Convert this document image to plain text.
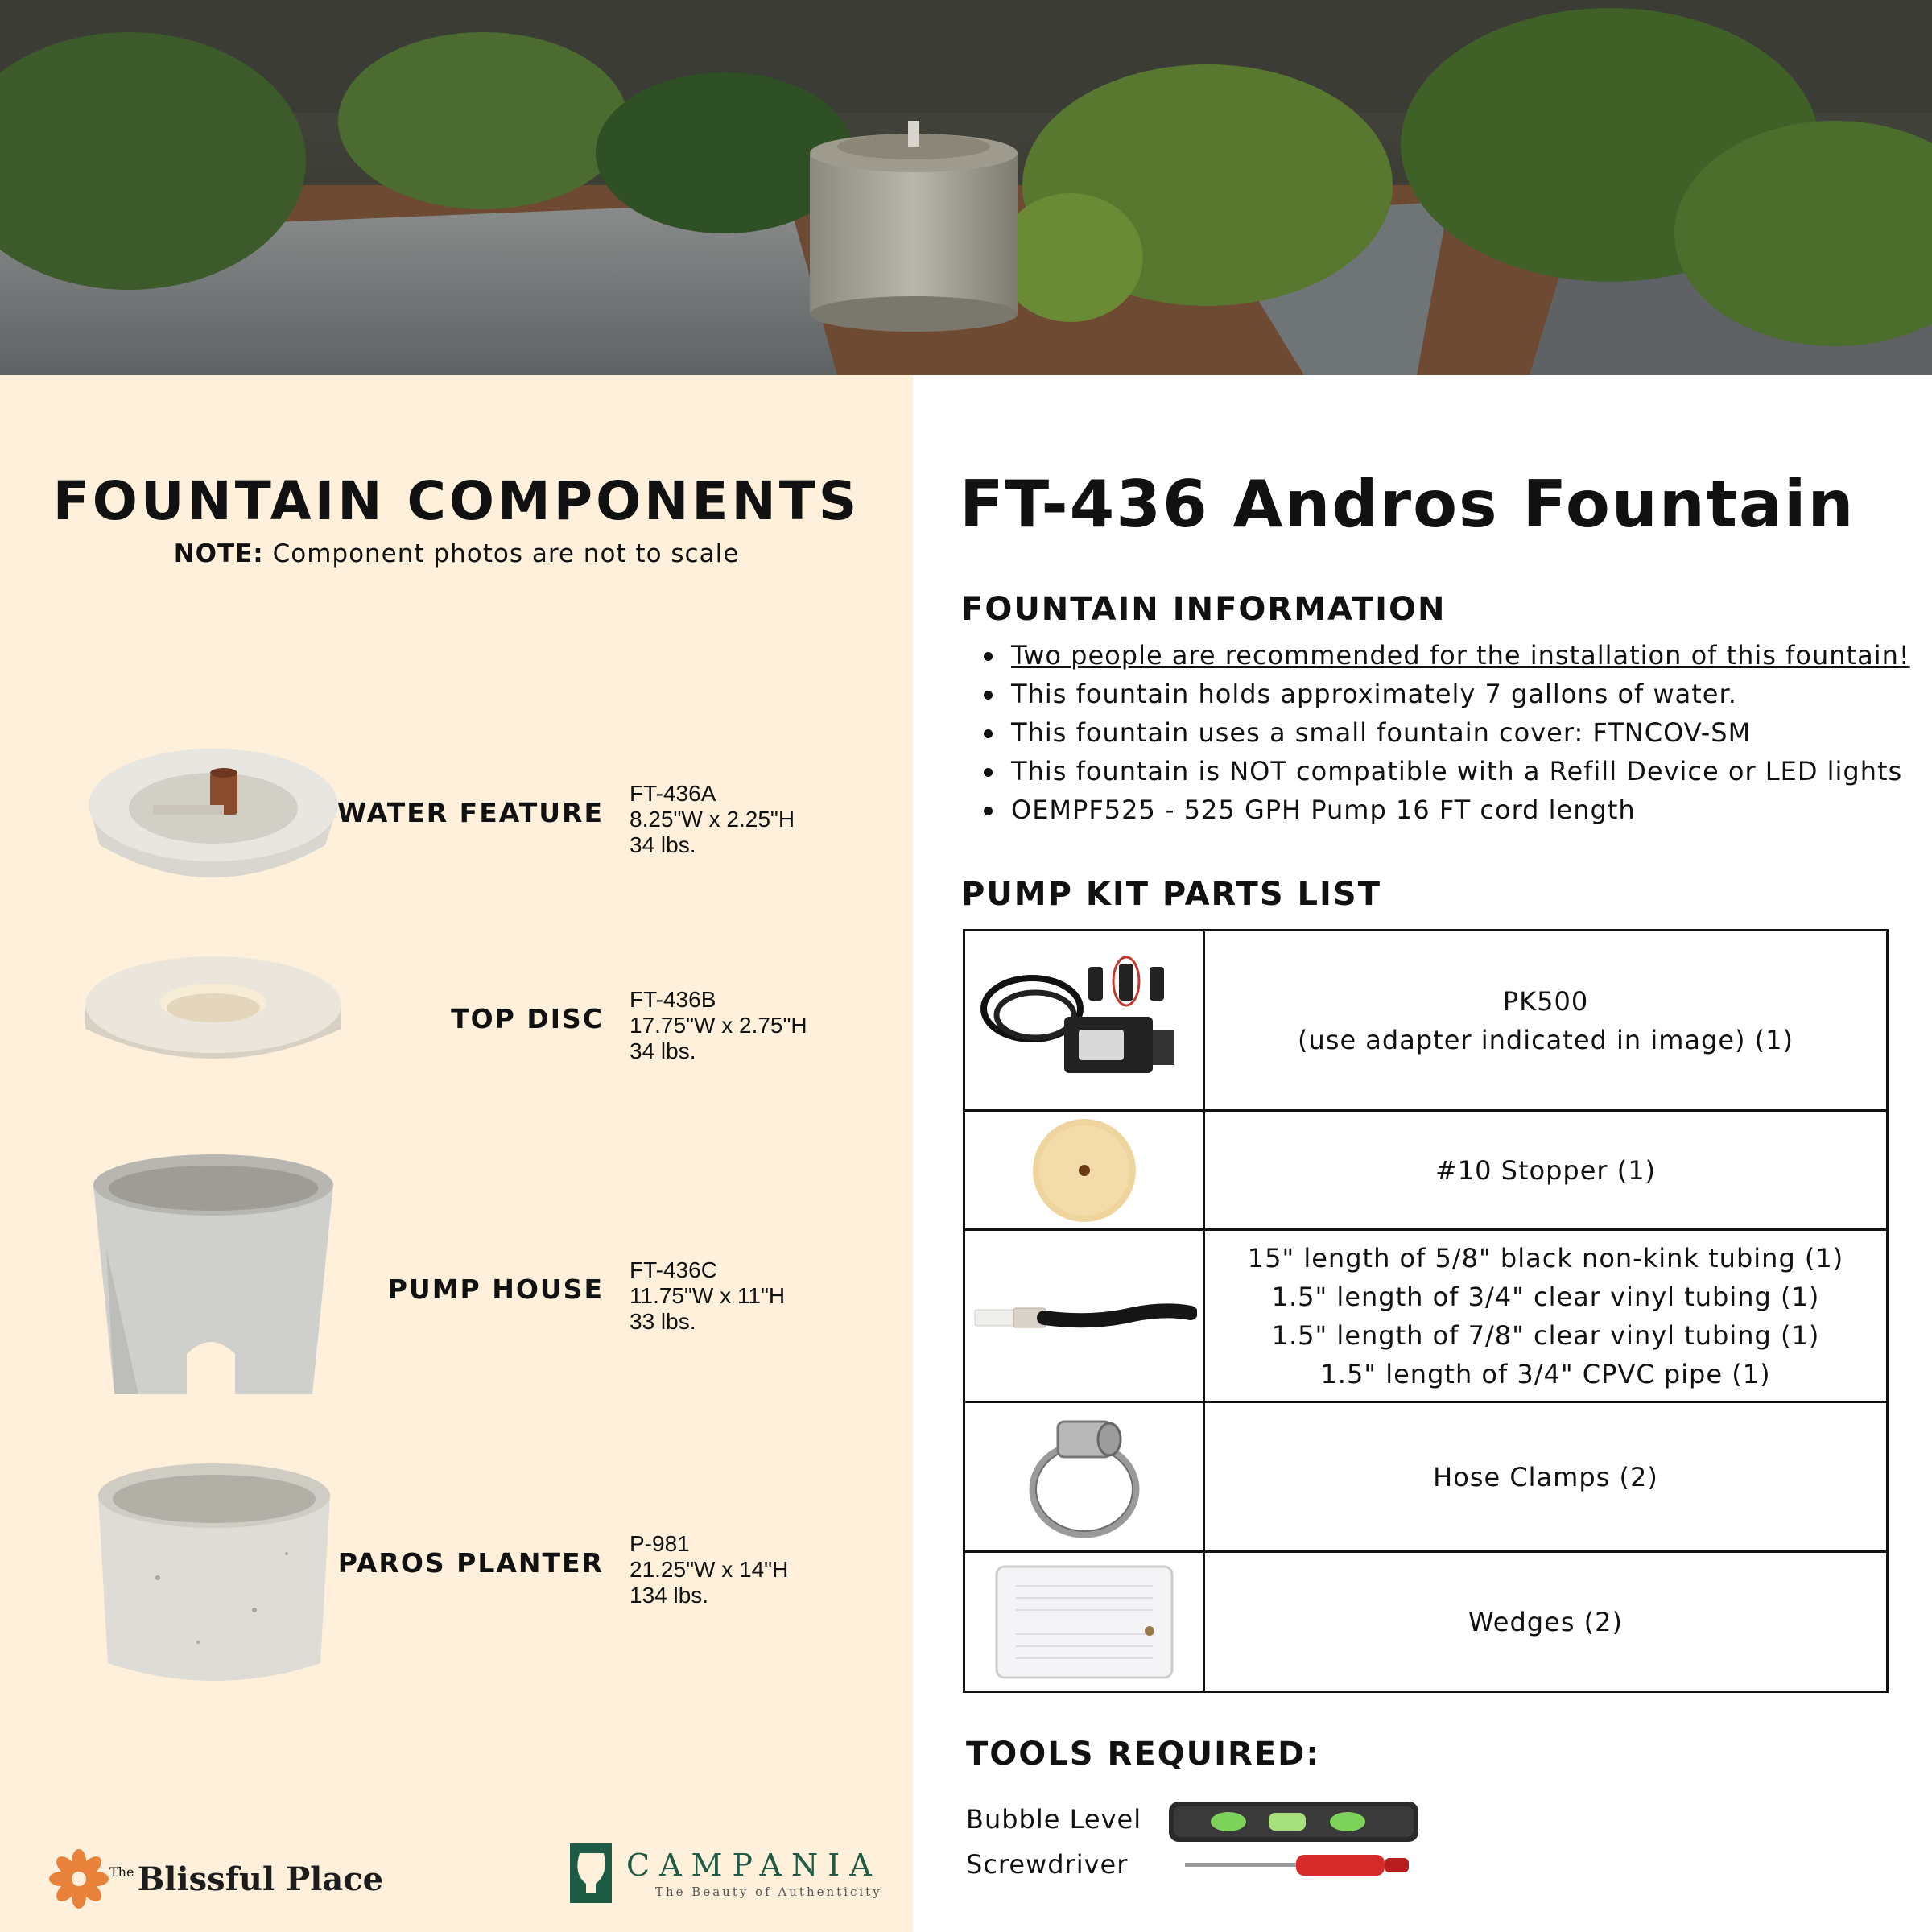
FOUNTAIN COMPONENTS
NOTE: Component photos are not to scale
WATER FEATURE
FT-436A
8.25"W x 2.25"H
34 lbs.
TOP DISC
FT-436B
17.75"W x 2.75"H
34 lbs.
PUMP HOUSE
FT-436C
11.75"W x 11"H
33 lbs.
PAROS PLANTER
P-981
21.25"W x 14"H
134 lbs.
The Blissful Place	CAMPANIA
The Beauty of Authenticity
FT-436 Andros Fountain
FOUNTAIN INFORMATION
Two people are recommended for the installation of this fountain!
This fountain holds approximately 7 gallons of water.
This fountain uses a small fountain cover: FTNCOV-SM
This fountain is NOT compatible with a Refill Device or LED lights
OEMPF525 - 525 GPH Pump 16 FT cord length
PUMP KIT PARTS LIST

PK500
(use adapter indicated in image) (1)

#10 Stopper (1)

15" length of 5/8" black non-kink tubing (1)
1.5" length of 3/4" clear vinyl tubing (1)
1.5" length of 7/8" clear vinyl tubing (1)
1.5" length of 3/4" CPVC pipe (1)

Hose Clamps (2)

Wedges (2)
TOOLS REQUIRED:
Bubble Level
Screwdriver
